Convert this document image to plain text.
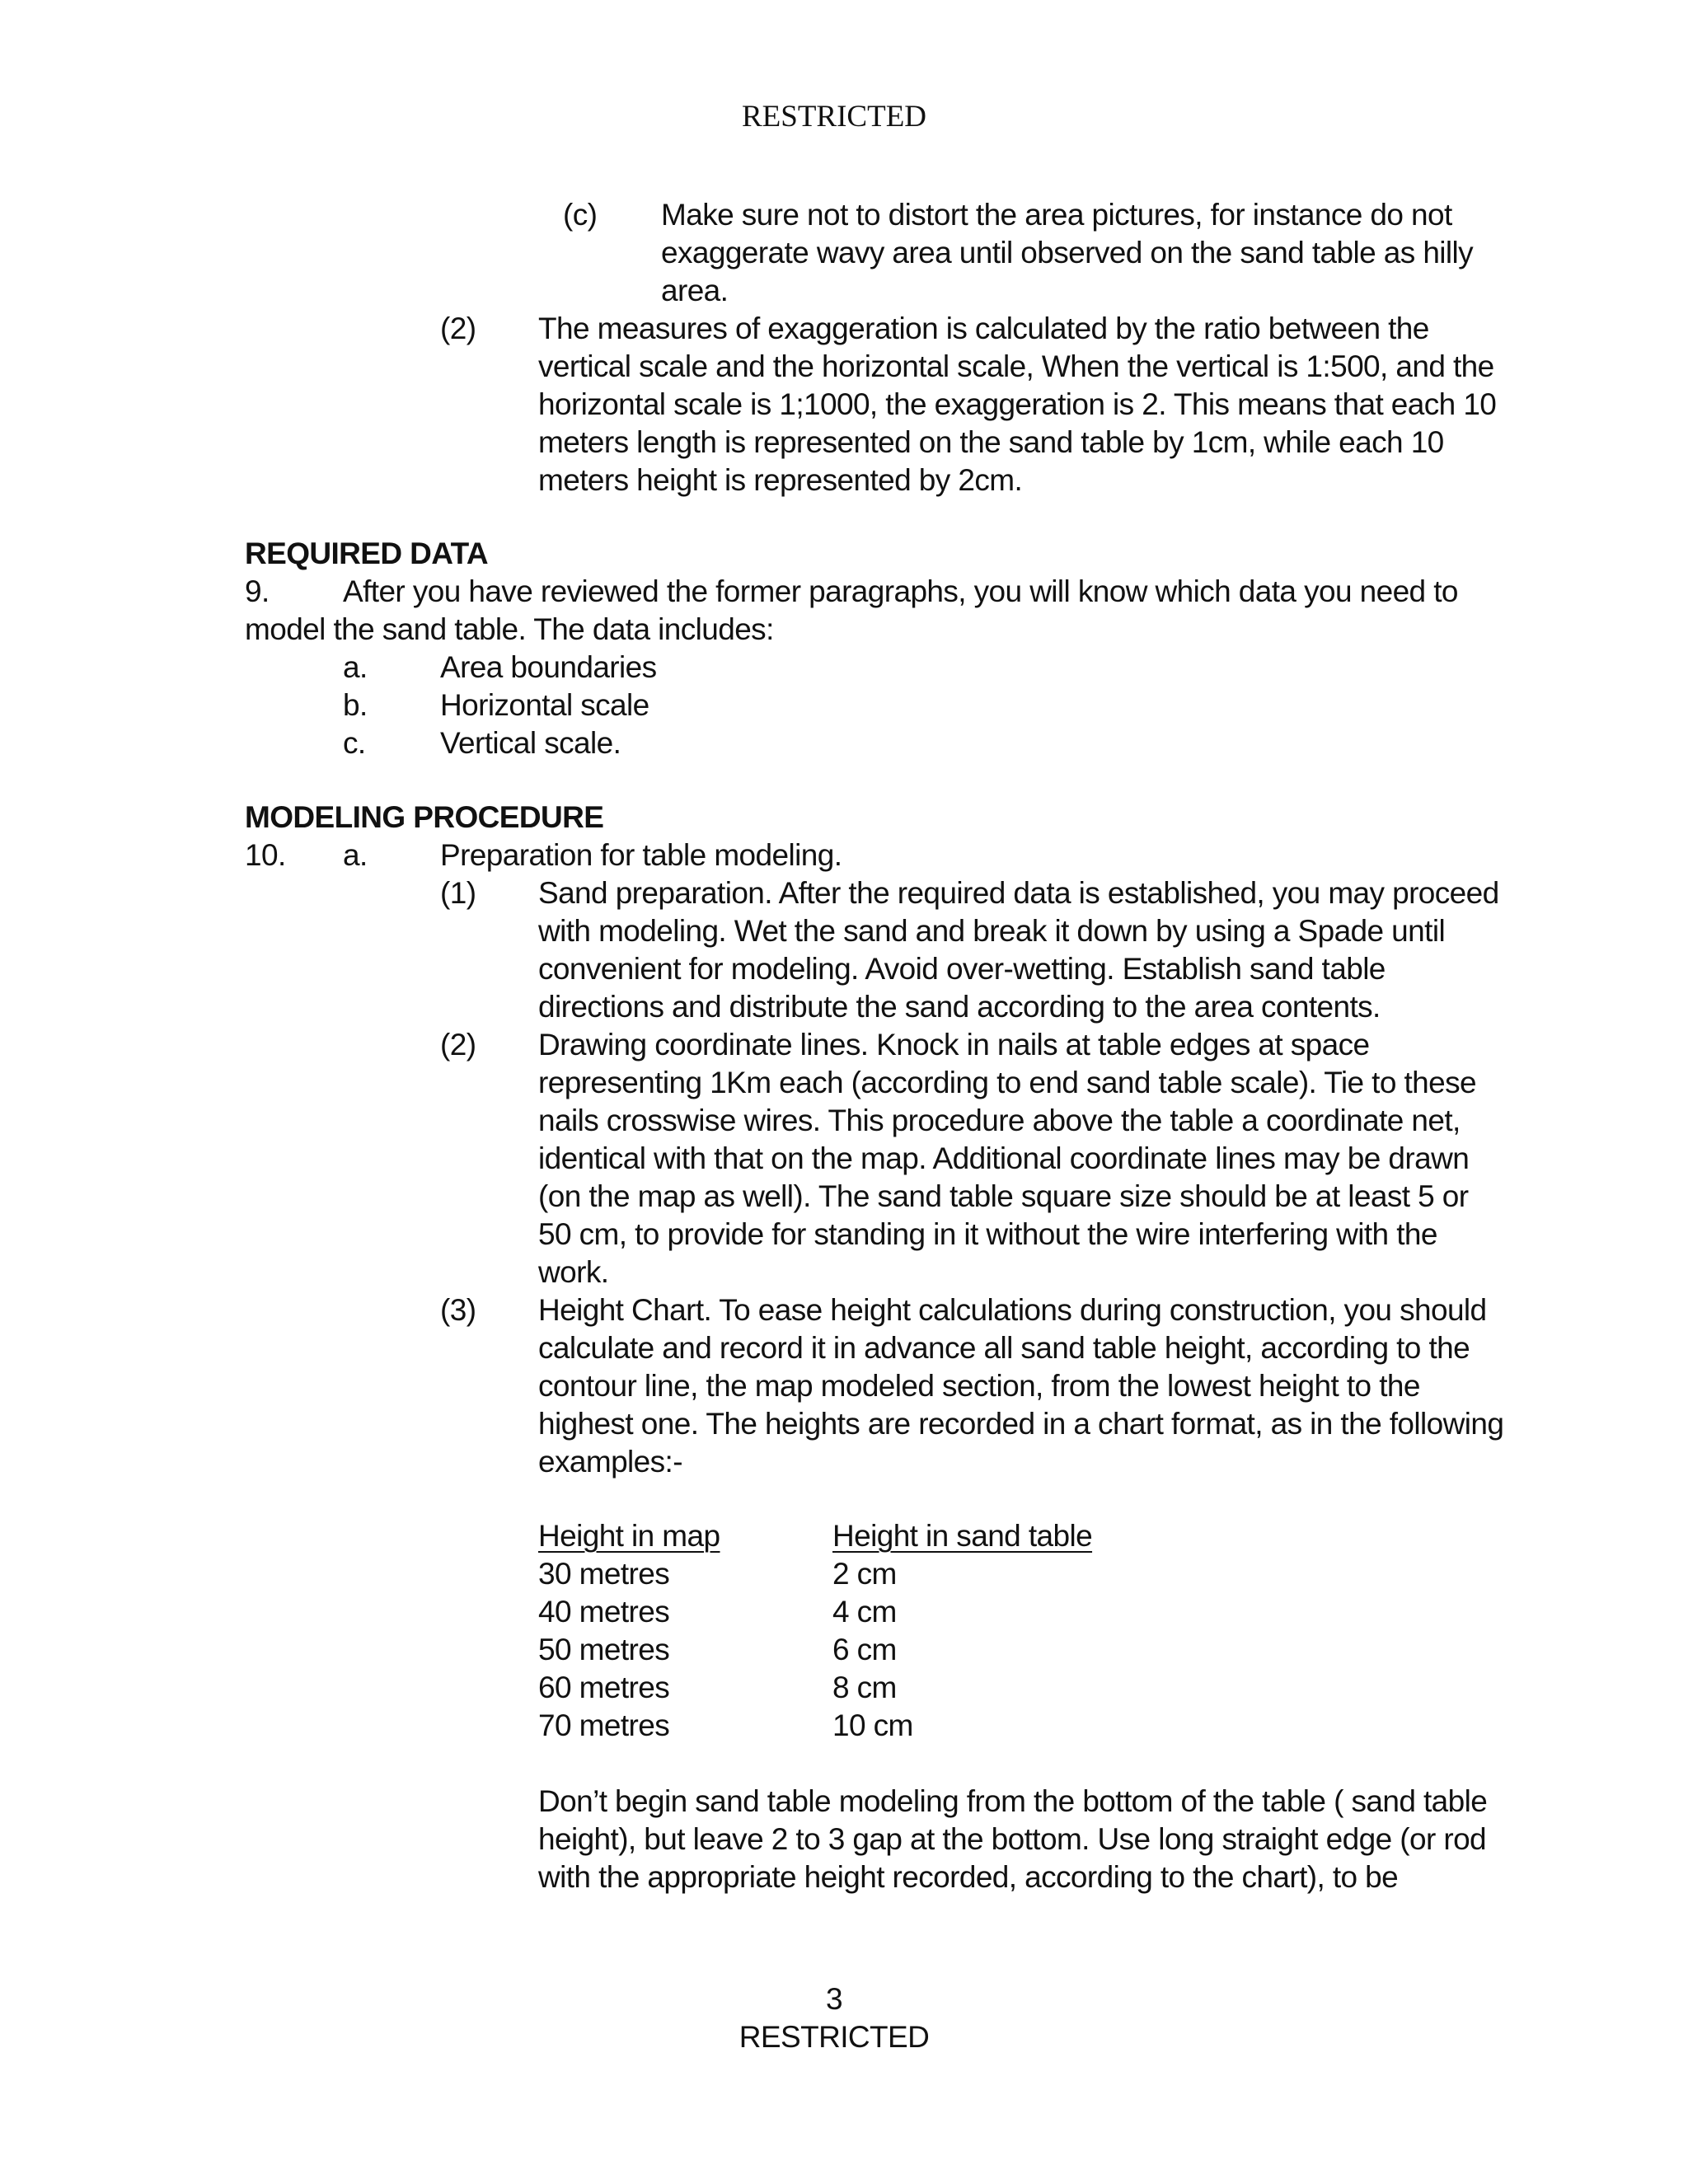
RESTRICTED
(c) Make sure not to distort the area pictures, for instance do not
exaggerate wavy area until observed on the sand table as hilly
area.
(2) The measures of exaggeration is calculated by the ratio between the
vertical scale and the horizontal scale, When the vertical is 1:500, and the
horizontal scale is 1;1000, the exaggeration is 2. This means that each 10
meters length is represented on the sand table by 1cm, while each 10
meters height is represented by 2cm.
REQUIRED DATA
9. After you have reviewed the former paragraphs, you will know which data you need to
model the sand table. The data includes:
a. Area boundaries
b. Horizontal scale
c. Vertical scale.
MODELING PROCEDURE
10. a. Preparation for table modeling.
(1) Sand preparation. After the required data is established, you may proceed
with modeling. Wet the sand and break it down by using a Spade until
convenient for modeling. Avoid over-wetting. Establish sand table
directions and distribute the sand according to the area contents.
(2) Drawing coordinate lines. Knock in nails at table edges at space
representing 1Km each (according to end sand table scale). Tie to these
nails crosswise wires. This procedure above the table a coordinate net,
identical with that on the map. Additional coordinate lines may be drawn
(on the map as well). The sand table square size should be at least 5 or
50 cm, to provide for standing in it without the wire interfering with the
work.
(3) Height Chart. To ease height calculations during construction, you should
calculate and record it in advance all sand table height, according to the
contour line, the map modeled section, from the lowest height to the
highest one. The heights are recorded in a chart format, as in the following
examples:-
Height in map	Height in sand table
30 metres	2 cm
40 metres	4 cm
50 metres	6 cm
60 metres	8 cm
70 metres	10 cm
Don’t begin sand table modeling from the bottom of the table ( sand table
height), but leave 2 to 3 gap at the bottom. Use long straight edge (or rod
with the appropriate height recorded, according to the chart), to be
3
RESTRICTED
